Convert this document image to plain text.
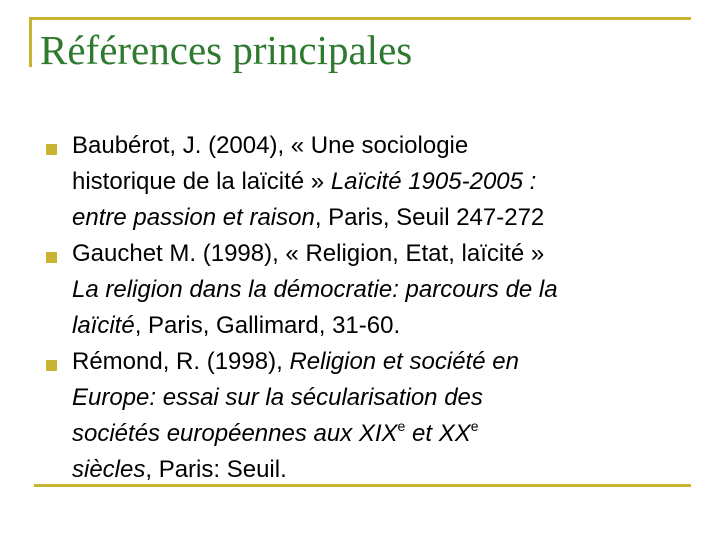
Références principales
Baubérot, J. (2004), « Une sociologie
historique de la laïcité » Laïcité 1905-2005 :
entre passion et raison, Paris, Seuil 247-272
Gauchet M. (1998), « Religion, Etat, laïcité »
La religion dans la démocratie: parcours de la
laïcité, Paris, Gallimard, 31-60.
Rémond, R. (1998), Religion et société en
Europe: essai sur la sécularisation des
sociétés européennes aux XIXe et XXe
siècles, Paris: Seuil.
